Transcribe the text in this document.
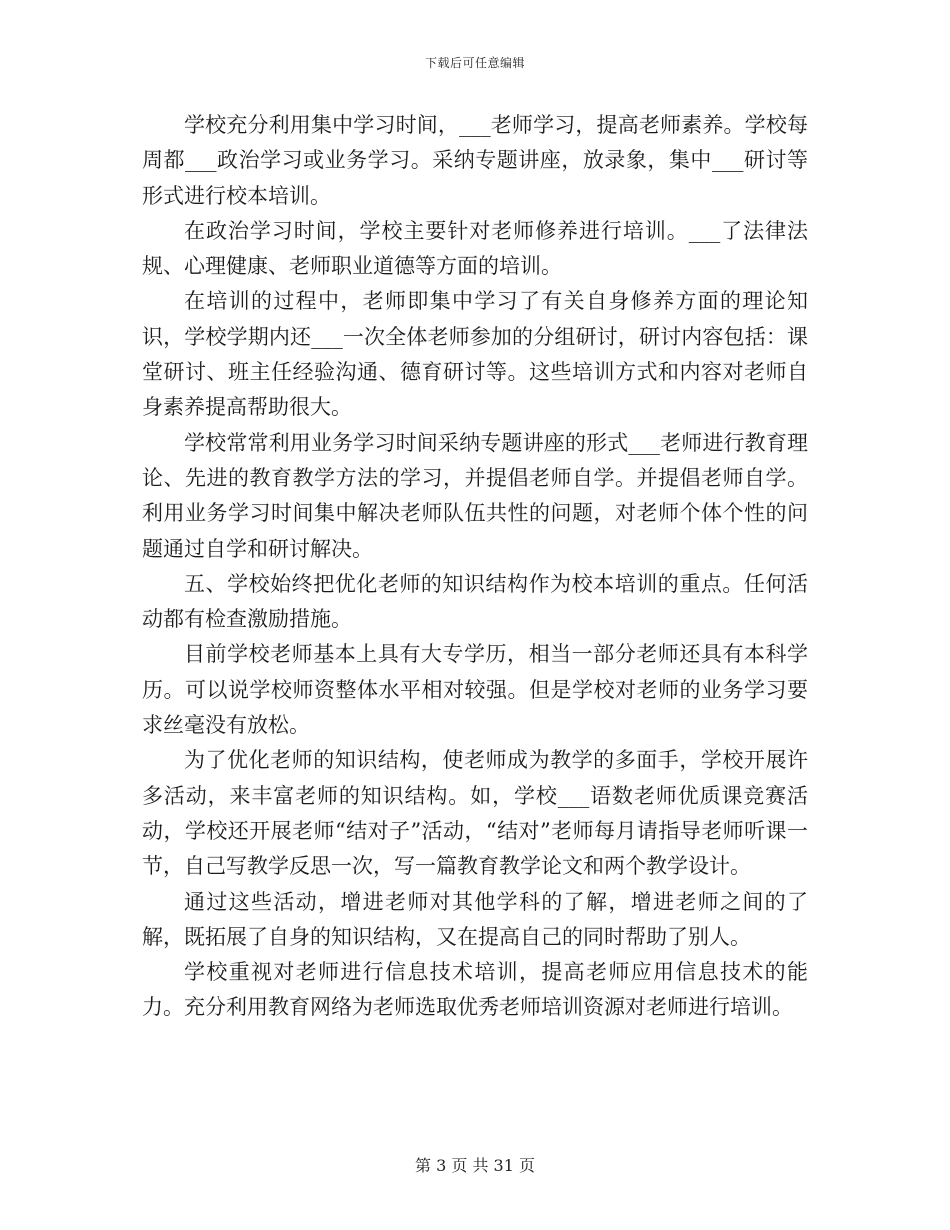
下载后可任意编辑

学校充分利用集中学习时间，___老师学习，提高老师素养。学校每周都___政治学习或业务学习。采纳专题讲座，放录象，集中___研讨等形式进行校本培训。

在政治学习时间，学校主要针对老师修养进行培训。___了法律法规、心理健康、老师职业道德等方面的培训。

在培训的过程中，老师即集中学习了有关自身修养方面的理论知识，学校学期内还___一次全体老师参加的分组研讨，研讨内容包括：课堂研讨、班主任经验沟通、德育研讨等。这些培训方式和内容对老师自身素养提高帮助很大。

学校常常利用业务学习时间采纳专题讲座的形式___老师进行教育理论、先进的教育教学方法的学习，并提倡老师自学。并提倡老师自学。利用业务学习时间集中解决老师队伍共性的问题，对老师个体个性的问题通过自学和研讨解决。

五、学校始终把优化老师的知识结构作为校本培训的重点。任何活动都有检查激励措施。

目前学校老师基本上具有大专学历，相当一部分老师还具有本科学历。可以说学校师资整体水平相对较强。但是学校对老师的业务学习要求丝毫没有放松。

为了优化老师的知识结构，使老师成为教学的多面手，学校开展许多活动，来丰富老师的知识结构。如，学校___语数老师优质课竞赛活动，学校还开展老师“结对子”活动，“结对”老师每月请指导老师听课一节，自己写教学反思一次，写一篇教育教学论文和两个教学设计。

通过这些活动，增进老师对其他学科的了解，增进老师之间的了解，既拓展了自身的知识结构，又在提高自己的同时帮助了别人。

学校重视对老师进行信息技术培训，提高老师应用信息技术的能力。充分利用教育网络为老师选取优秀老师培训资源对老师进行培训。

第 3 页 共 31 页
